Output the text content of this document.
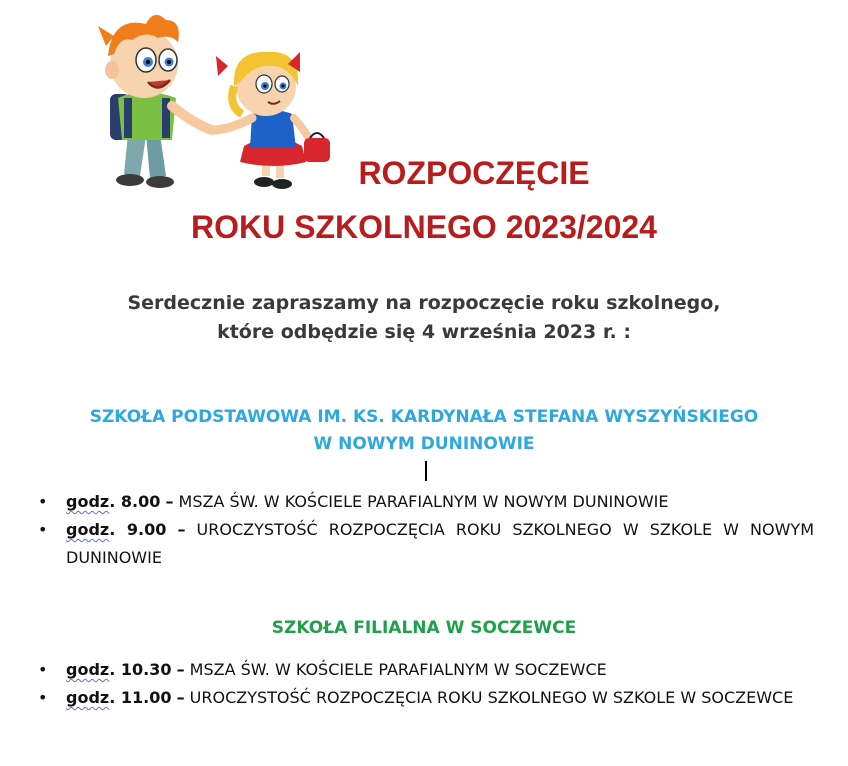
ROZPOCZĘCIE
ROKU SZKOLNEGO 2023/2024

Serdecznie zapraszamy na rozpoczęcie roku szkolnego,
które odbędzie się 4 września 2023 r. :

SZKOŁA PODSTAWOWA IM. KS. KARDYNAŁA STEFANA WYSZYŃSKIEGO
W NOWYM DUNINOWIE

• godz. 8.00 – MSZA ŚW. W KOŚCIELE PARAFIALNYM W NOWYM DUNINOWIE
• godz. 9.00 – UROCZYSTOŚĆ ROZPOCZĘCIA ROKU SZKOLNEGO W SZKOLE W NOWYM DUNINOWIE

SZKOŁA FILIALNA W SOCZEWCE

• godz. 10.30 – MSZA ŚW. W KOŚCIELE PARAFIALNYM W SOCZEWCE
• godz. 11.00 – UROCZYSTOŚĆ ROZPOCZĘCIA ROKU SZKOLNEGO W SZKOLE W SOCZEWCE
